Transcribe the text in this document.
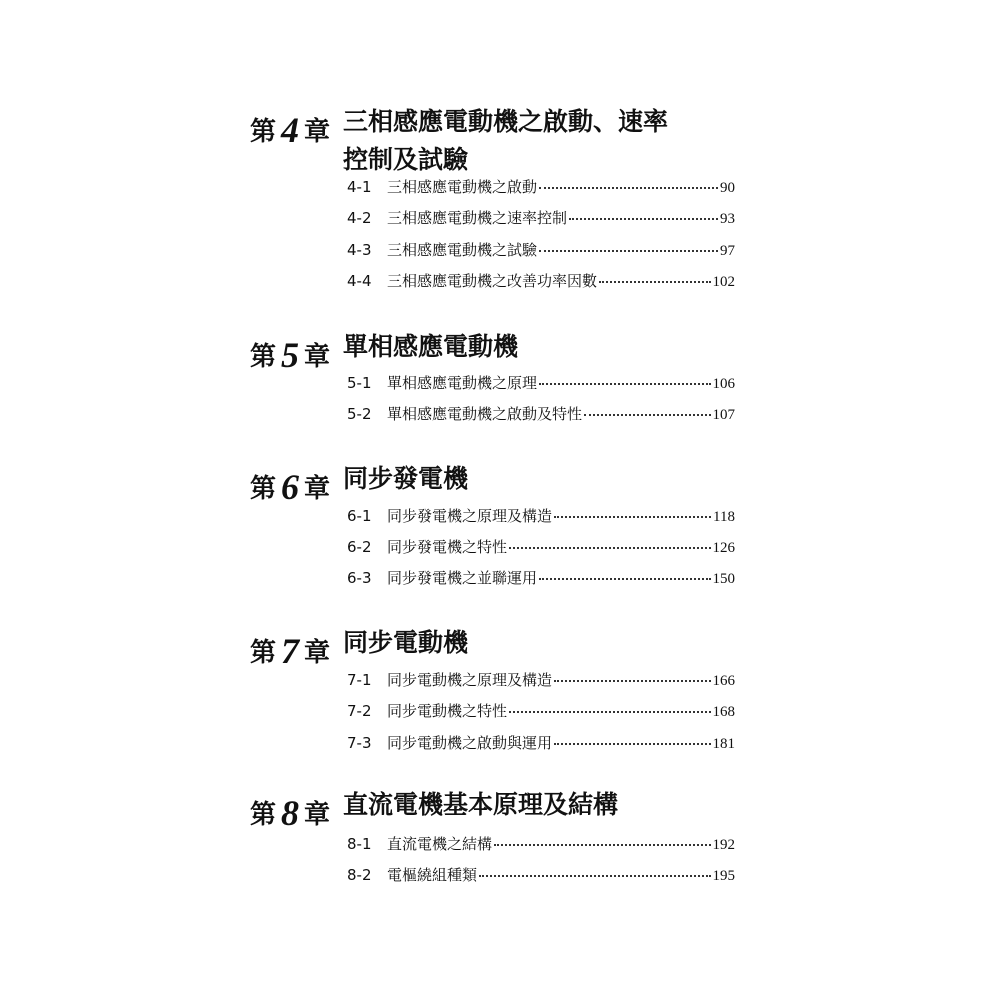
第 4 章 三相感應電動機之啟動、速率控制及試驗
4-1	三相感應電動機之啟動	90
4-2	三相感應電動機之速率控制	93
4-3	三相感應電動機之試驗	97
4-4	三相感應電動機之改善功率因數	102
第 5 章 單相感應電動機
5-1	單相感應電動機之原理	106
5-2	單相感應電動機之啟動及特性	107
第 6 章 同步發電機
6-1	同步發電機之原理及構造	118
6-2	同步發電機之特性	126
6-3	同步發電機之並聯運用	150
第 7 章 同步電動機
7-1	同步電動機之原理及構造	166
7-2	同步電動機之特性	168
7-3	同步電動機之啟動與運用	181
第 8 章 直流電機基本原理及結構
8-1	直流電機之結構	192
8-2	電樞繞組種類	195
